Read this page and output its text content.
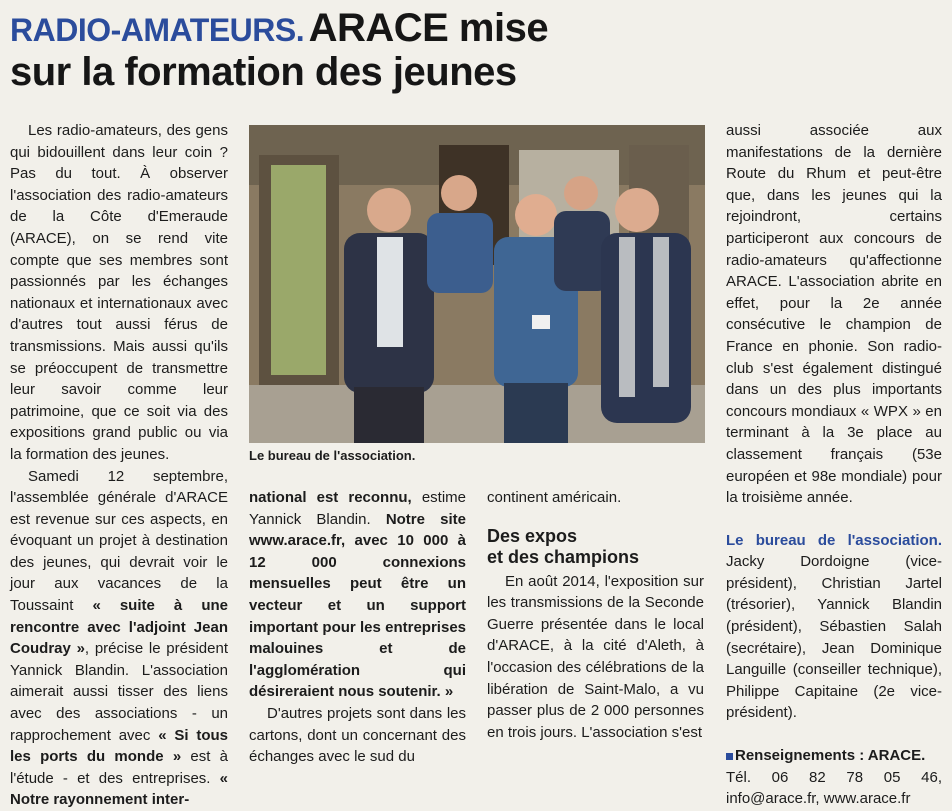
RADIO-AMATEURS. ARACE mise
sur la formation des jeunes

Les radio-amateurs, des gens qui bidouillent dans leur coin ? Pas du tout. À observer l'association des radio-amateurs de la Côte d'Emeraude (ARACE), on se rend vite compte que ses membres sont passionnés par les échanges nationaux et internationaux avec d'autres tout aussi férus de transmissions. Mais aussi qu'ils se préoccupent de transmettre leur savoir comme leur patrimoine, que ce soit via des expositions grand public ou via la formation des jeunes.

Samedi 12 septembre, l'assemblée générale d'ARACE est revenue sur ces aspects, en évoquant un projet à destination des jeunes, qui devrait voir le jour aux vacances de la Toussaint « suite à une rencontre avec l'adjoint Jean Coudray », précise le président Yannick Blandin. L'association aimerait aussi tisser des liens avec des associations - un rapprochement avec « Si tous les ports du monde » est à l'étude - et des entreprises. « Notre rayonnement inter-

Le bureau de l'association.

national est reconnu, estime Yannick Blandin. Notre site www.arace.fr, avec 10 000 à 12 000 connexions mensuelles peut être un vecteur et un support important pour les entreprises malouines et de l'agglomération qui désireraient nous soutenir. »

D'autres projets sont dans les cartons, dont un concernant des échanges avec le sud du

continent américain.

Des expos
et des champions

En août 2014, l'exposition sur les transmissions de la Seconde Guerre présentée dans le local d'ARACE, à la cité d'Aleth, à l'occasion des célébrations de la libération de Saint-Malo, a vu passer plus de 2 000 personnes en trois jours. L'association s'est

aussi associée aux manifestations de la dernière Route du Rhum et peut-être que, dans les jeunes qui la rejoindront, certains participeront aux concours de radio-amateurs qu'affectionne ARACE. L'association abrite en effet, pour la 2e année consécutive le champion de France en phonie. Son radio-club s'est également distingué dans un des plus importants concours mondiaux « WPX » en terminant à la 3e place au classement français (53e européen et 98e mondiale) pour la troisième année.

Le bureau de l'association. Jacky Dordoigne (vice-président), Christian Jartel (trésorier), Yannick Blandin (président), Sébastien Salah (secrétaire), Jean Dominique Languille (conseiller technique), Philippe Capitaine (2e vice-président).

Renseignements : ARACE.

Tél. 06 82 78 05 46, info@arace.fr, www.arace.fr
